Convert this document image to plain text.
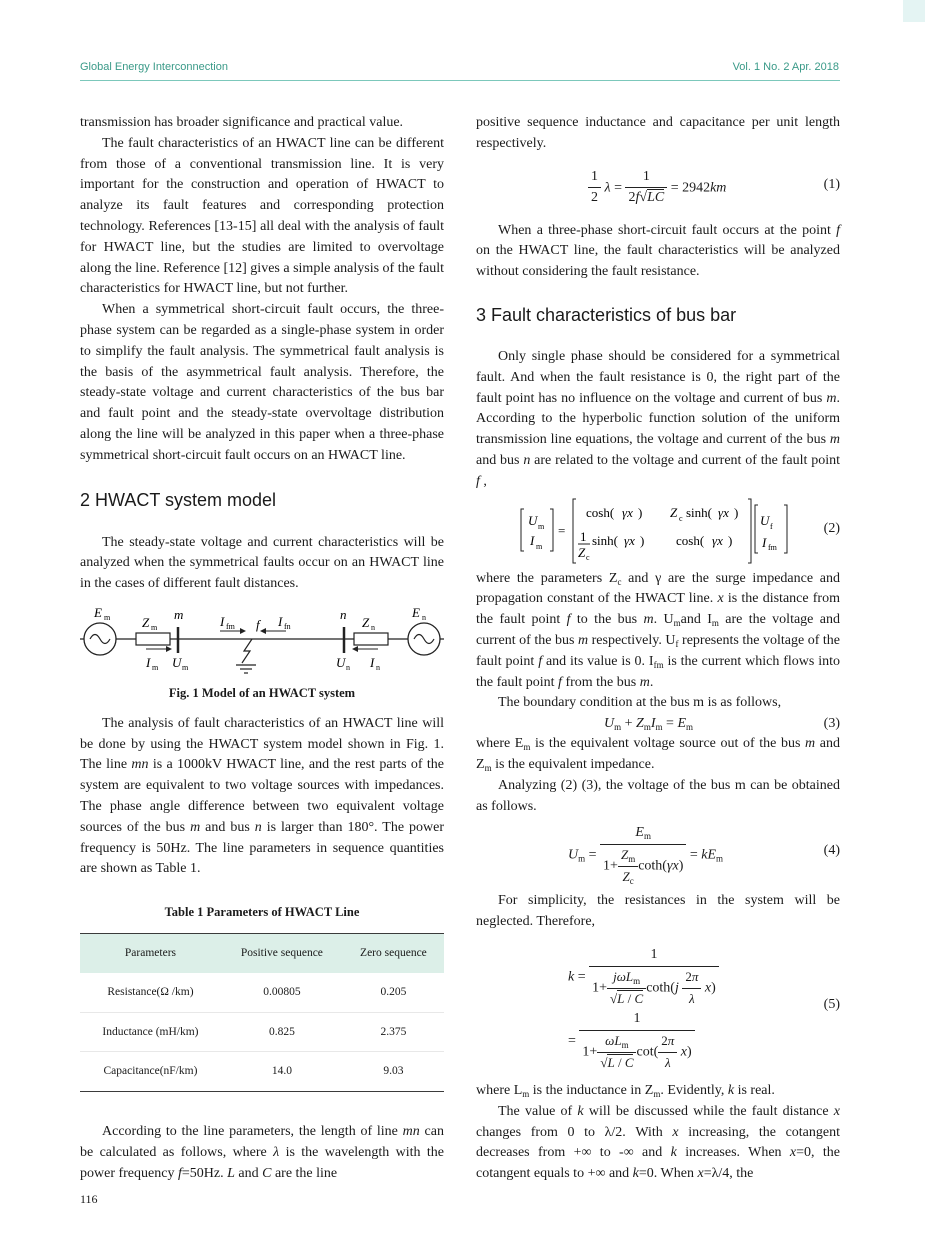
Global Energy Interconnection	Vol. 1 No. 2 Apr. 2018

transmission has broader significance and practical value.

The fault characteristics of an HWACT line can be different from those of a conventional transmission line. It is very important for the construction and operation of HWACT to analyze its fault features and corresponding protection technology. References [13-15] all deal with the analysis of fault for HWACT line, but the studies are limited to overvoltage along the line. Reference [12] gives a simple analysis of the fault characteristics for HWACT line, but not further.

When a symmetrical short-circuit fault occurs, the three-phase system can be regarded as a single-phase system in order to simplify the fault analysis. The symmetrical fault analysis is the basis of the asymmetrical fault analysis. Therefore, the steady-state voltage and current characteristics of the bus bar and fault point and the steady-state overvoltage distribution along the line will be analyzed in this paper when a three-phase symmetrical short-circuit fault occurs on an HWACT line.

2 HWACT system model

The steady-state voltage and current characteristics will be analyzed when the symmetrical faults occur on an HWACT line in the cases of different fault distances.

E m Z m
m	I fm f I fn
n
Z n
E n
I m U m	U n I n
Fig. 1 Model of an HWACT system

The analysis of fault characteristics of an HWACT line will be done by using the HWACT system model shown in Fig. 1. The line mn is a 1000kV HWACT line, and the rest parts of the system are equivalent to two voltage sources with impedances. The phase angle difference between two equivalent voltage sources of the bus m and bus n is larger than 180°. The power frequency is 50Hz. The line parameters in sequence quantities are shown as Table 1.

Table 1 Parameters of HWACT Line
Parameters	Positive sequence	Zero sequence
Resistance(Ω /km)	0.00805	0.205
Inductance (mH/km)	0.825	2.375
Capacitance(nF/km)	14.0	9.03

According to the line parameters, the length of line mn can be calculated as follows, where λ is the wavelength with the power frequency f=50Hz. L and C are the line

positive sequence inductance and capacitance per unit length respectively.

$\frac{1}{2}$ $\lambda = \frac{1}{2f√LC} = 2942km$	(1)

When a three-phase short-circuit fault occurs at the point f on the HWACT line, the fault characteristics will be analyzed without considering the fault resistance.

3 Fault characteristics of bus bar

Only single phase should be considered for a symmetrical fault. And when the fault resistance is 0, the right part of the fault point has no influence on the voltage and current of bus m. According to the hyperbolic function solution of the uniform transmission line equations, the voltage and current of the bus m and bus n are related to the voltage and current of the fault point f ,

U m
I m
=
cosh( γx ) Z c sinh( γx )
1
Z c
sinh( γx ) cosh( γx )
U f
I fm
(2)

where the parameters $Z_c$ and γ are the surge impedance and propagation constant of the HWACT line. x is the distance from the fault point f to the bus m. $U_mand$ $I_m$ are the voltage and current of the bus m respectively. $U_f$ represents the voltage of the fault point f and its value is 0. $I_{fm}$ is the current which flows into the fault point f from the bus m.

The boundary condition at the bus m is as follows,

$U_m + Z_mI_m = E_m$	(3)

where $E_m$ is the equivalent voltage source out of the bus m and $Z_m$ is the equivalent impedance.

Analyzing (2) (3), the voltage of the bus m can be obtained as follows.

$U_m = \frac{E_m}{1+ \frac{Z_m}{Z_c} \cot h(\gamma x)} = kE_m$
(4)

For simplicity, the resistances in the system will be neglected. Therefore,

$k = \frac{1}{1+ \frac{j\omega L_m}{√L / C} \cot h(j \frac{2\pi}{\lambda} x)}$
= $\frac{1}{1+ \frac{\omega L_m}{√L / C} \cot( \frac{2\pi}{\lambda} x)}$
(5)

where $L_m$ is the inductance in $Z_m$. Evidently, k is real.

The value of k will be discussed while the fault distance x changes from 0 to λ/2. With x increasing, the cotangent decreases from +∞ to -∞ and k increases. When x=0, the cotangent equals to +∞ and k=0. When x=λ/4, the

116
